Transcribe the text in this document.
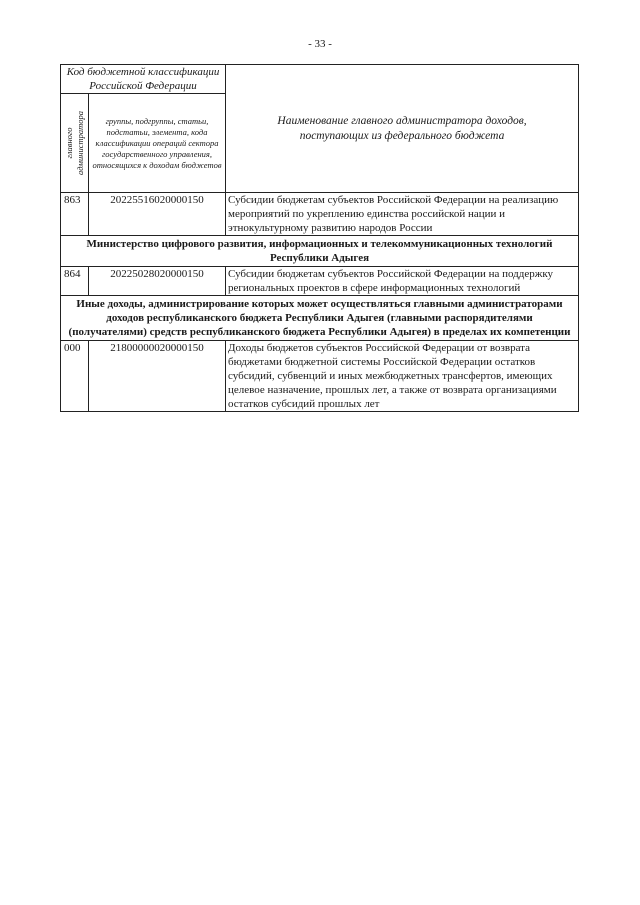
- 33 -
Код бюджетной классификации Российской Федерации		Наименование главного администратора доходов, поступающих из федерального бюджета

главного администратора	группы, подгруппы, статьи, подстатьи, элемента, кода классификации операций сектора государственного управления, относящихся к доходам бюджетов	
863	20225516020000150	Субсидии бюджетам субъектов Российской Федерации на реализацию мероприятий по укреплению единства российской нации и этнокультурному развитию народов России
Министерство цифрового развития, информационных и телекоммуникационных технологий Республики Адыгея		
864	20225028020000150	Субсидии бюджетам субъектов Российской Федерации на поддержку региональных проектов в сфере информационных технологий
Иные доходы, администрирование которых может осуществляться главными администраторами доходов республиканского бюджета Республики Адыгея (главными распорядителями (получателями) средств республиканского бюджета Республики Адыгея) в пределах их компетенции		
000	21800000020000150	Доходы бюджетов субъектов Российской Федерации от возврата бюджетами бюджетной системы Российской Федерации остатков субсидий, субвенций и иных межбюджетных трансфертов, имеющих целевое назначение, прошлых лет, а также от возврата организациями остатков субсидий прошлых лет
